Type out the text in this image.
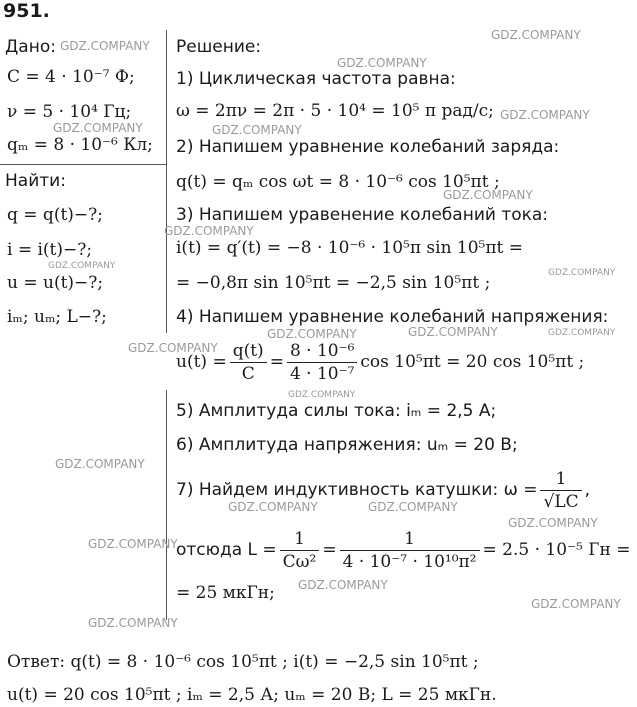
951.
Дано:
C = 4 · 10⁻⁷ Ф;
ν = 5 · 10⁴ Гц;
qₘ = 8 · 10⁻⁶ Кл;
Найти:
q = q(t)−?;
i = i(t)−?;
u = u(t)−?;
iₘ; uₘ; L−?;
Решение:
1) Циклическая частота равна:
ω = 2πν = 2π · 5 · 10⁴ = 10⁵ π рад/с;
2) Напишем уравнение колебаний заряда:
q(t) = qₘ cos ωt = 8 · 10⁻⁶ cos 10⁵πt ;
3) Напишем уравенение колебаний тока:
i(t) = q′(t) = −8 · 10⁻⁶ · 10⁵π sin 10⁵πt =
= −0,8π sin 10⁵πt = −2,5 sin 10⁵πt ;
4) Напишем уравнение колебаний напряжения:
$u(t) = \frac{q(t)}{C} = \frac{\text{8 · 10⁻⁶}}{\text{4 · 10⁻⁷}}$ cos 10⁵πt = 20 cos 10⁵πt ;
5) Амплитуда силы тока: iₘ = 2,5 А;
6) Амплитуда напряжения: uₘ = 20 В;
7) Найдем индуктивность катушки: $\omega = \frac{1}{√LC}$ ,
отсюда $L = \frac{1}{\text{Cω²}} = \frac{1}{\text{4 · 10⁻⁷ · 10¹⁰π²}} = 2.5 \cdot 10^{-5}$ Гн =
= 25 мкГн;
Ответ: q(t) = 8 · 10⁻⁶ cos 10⁵πt ; i(t) = −2,5 sin 10⁵πt ;
u(t) = 20 cos 10⁵πt ; iₘ = 2,5 А; uₘ = 20 В; L = 25 мкГн.
GDZ.COMPANY
GDZ.COMPANY
GDZ.COMPANY
GDZ.COMPANY
GDZ.COMPANY	GDZ.COMPANY
GDZ.COMPANY
GDZ.COMPANY
GDZ.COMPANY
GDZ.COMPANY
GDZ.COMPANY	GDZ.COMPANY	GDZ.COMPANY
GDZ.COMPANY
GDZ.COMPANY
GDZ.COMPANY
GDZ.COMPANY	GDZ.COMPANY
GDZ.COMPANY
GDZ.COMPANY
GDZ.COMPANY
GDZ.COMPANY
GDZ.COMPANY
